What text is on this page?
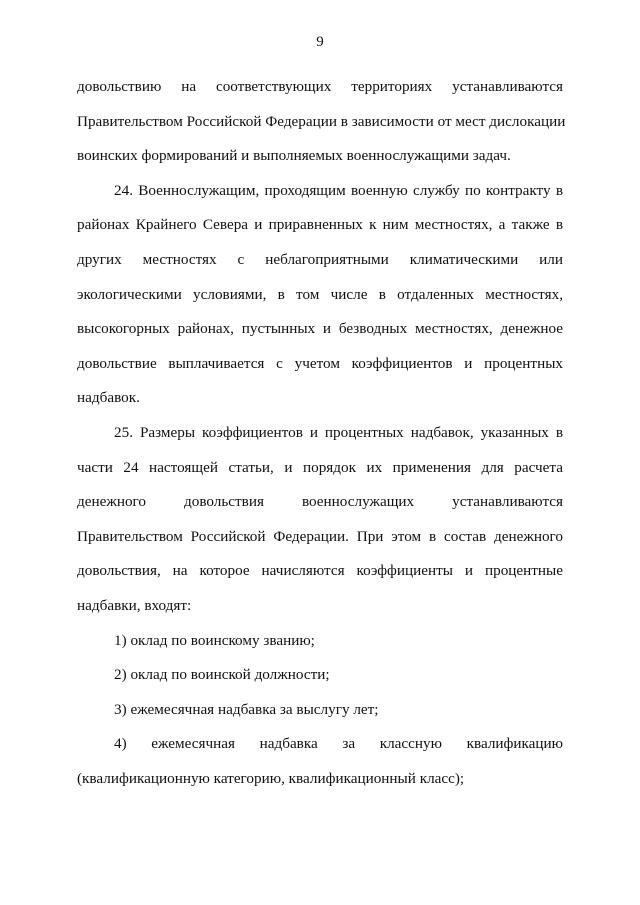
9
довольствию на соответствующих территориях устанавливаются
Правительством Российской Федерации в зависимости от мест дислокации
воинских формирований и выполняемых военнослужащими задач.
24. Военнослужащим, проходящим военную службу по контракту в
районах Крайнего Севера и приравненных к ним местностях, а также в
других местностях с неблагоприятными климатическими или
экологическими условиями, в том числе в отдаленных местностях,
высокогорных районах, пустынных и безводных местностях, денежное
довольствие выплачивается с учетом коэффициентов и процентных
надбавок.
25. Размеры коэффициентов и процентных надбавок, указанных в
части 24 настоящей статьи, и порядок их применения для расчета
денежного довольствия военнослужащих устанавливаются
Правительством Российской Федерации. При этом в состав денежного
довольствия, на которое начисляются коэффициенты и процентные
надбавки, входят:
1) оклад по воинскому званию;
2) оклад по воинской должности;
3) ежемесячная надбавка за выслугу лет;
4) ежемесячная надбавка за классную квалификацию
(квалификационную категорию, квалификационный класс);
